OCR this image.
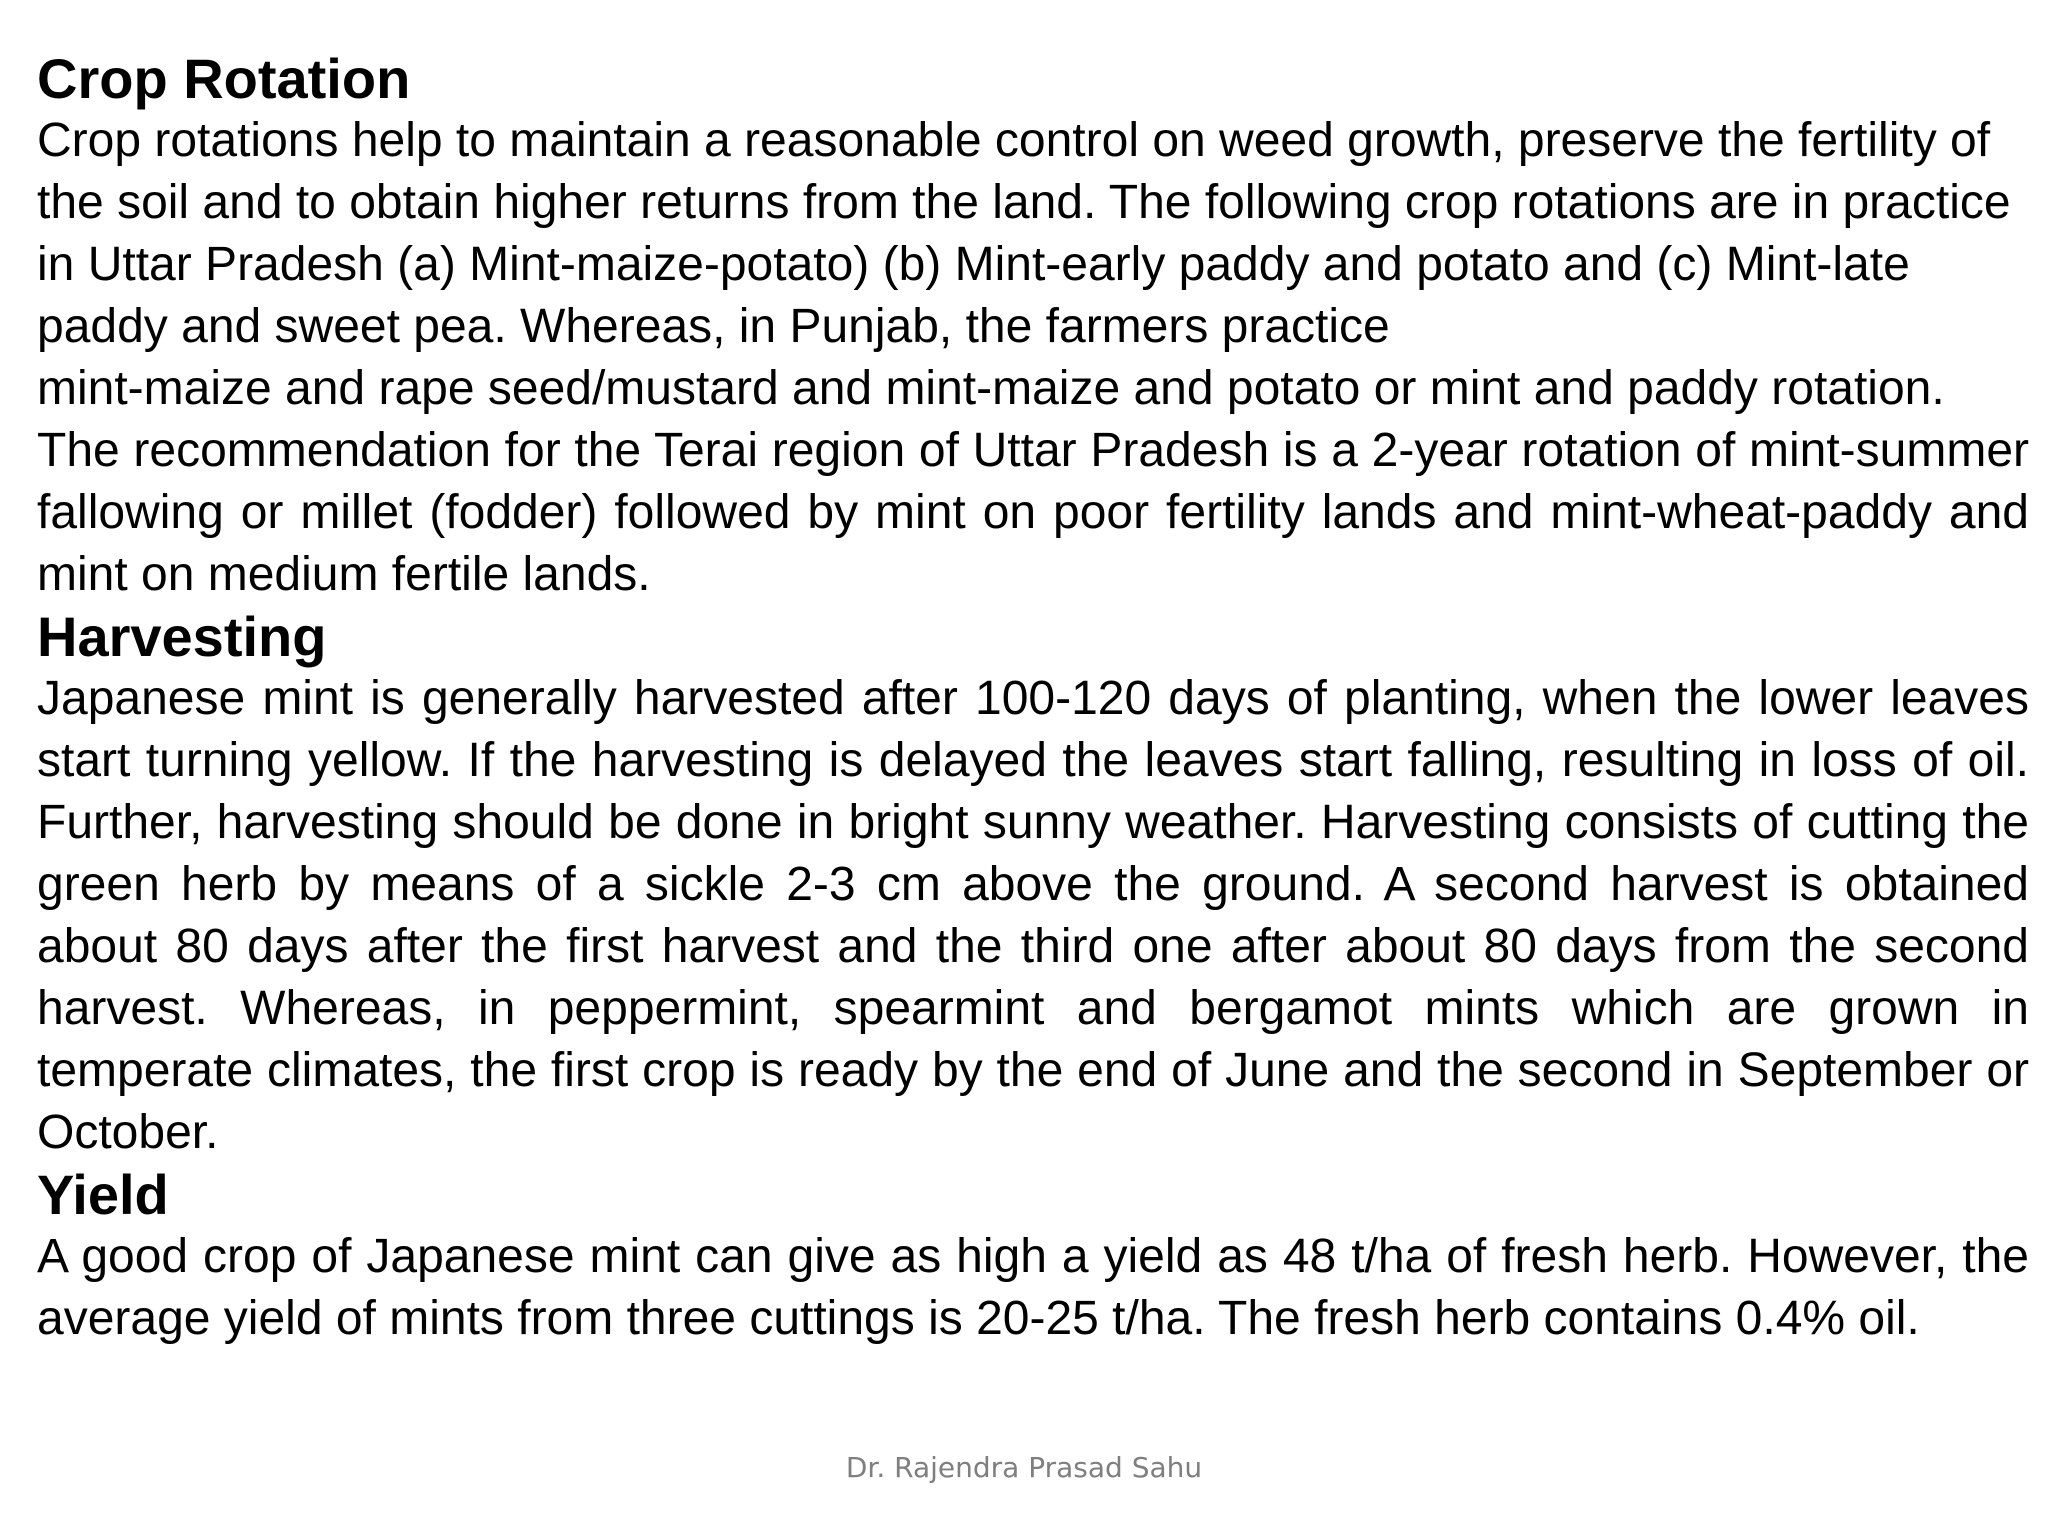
Crop Rotation

Crop rotations help to maintain a reasonable control on weed growth, preserve the fertility of the soil and to obtain higher returns from the land. The following crop rotations are in practice in Uttar Pradesh (a) Mint-maize-potato) (b) Mint-early paddy and potato and (c) Mint-late paddy and sweet pea. Whereas, in Punjab, the farmers practice

mint-maize and rape seed/mustard and mint-maize and potato or mint and paddy rotation.

The recommendation for the Terai region of Uttar Pradesh is a 2-year rotation of mint-summer fallowing or millet (fodder) followed by mint on poor fertility lands and mint-wheat-paddy and mint on medium fertile lands.

Harvesting

Japanese mint is generally harvested after 100-120 days of planting, when the lower leaves start turning yellow. If the harvesting is delayed the leaves start falling, resulting in loss of oil. Further, harvesting should be done in bright sunny weather. Harvesting consists of cutting the green herb by means of a sickle 2-3 cm above the ground. A second harvest is obtained about 80 days after the first harvest and the third one after about 80 days from the second harvest. Whereas, in peppermint, spearmint and bergamot mints which are grown in temperate climates, the first crop is ready by the end of June and the second in September or October.

Yield

A good crop of Japanese mint can give as high a yield as 48 t/ha of fresh herb. However, the average yield of mints from three cuttings is 20-25 t/ha. The fresh herb contains 0.4% oil.

Dr. Rajendra Prasad Sahu
